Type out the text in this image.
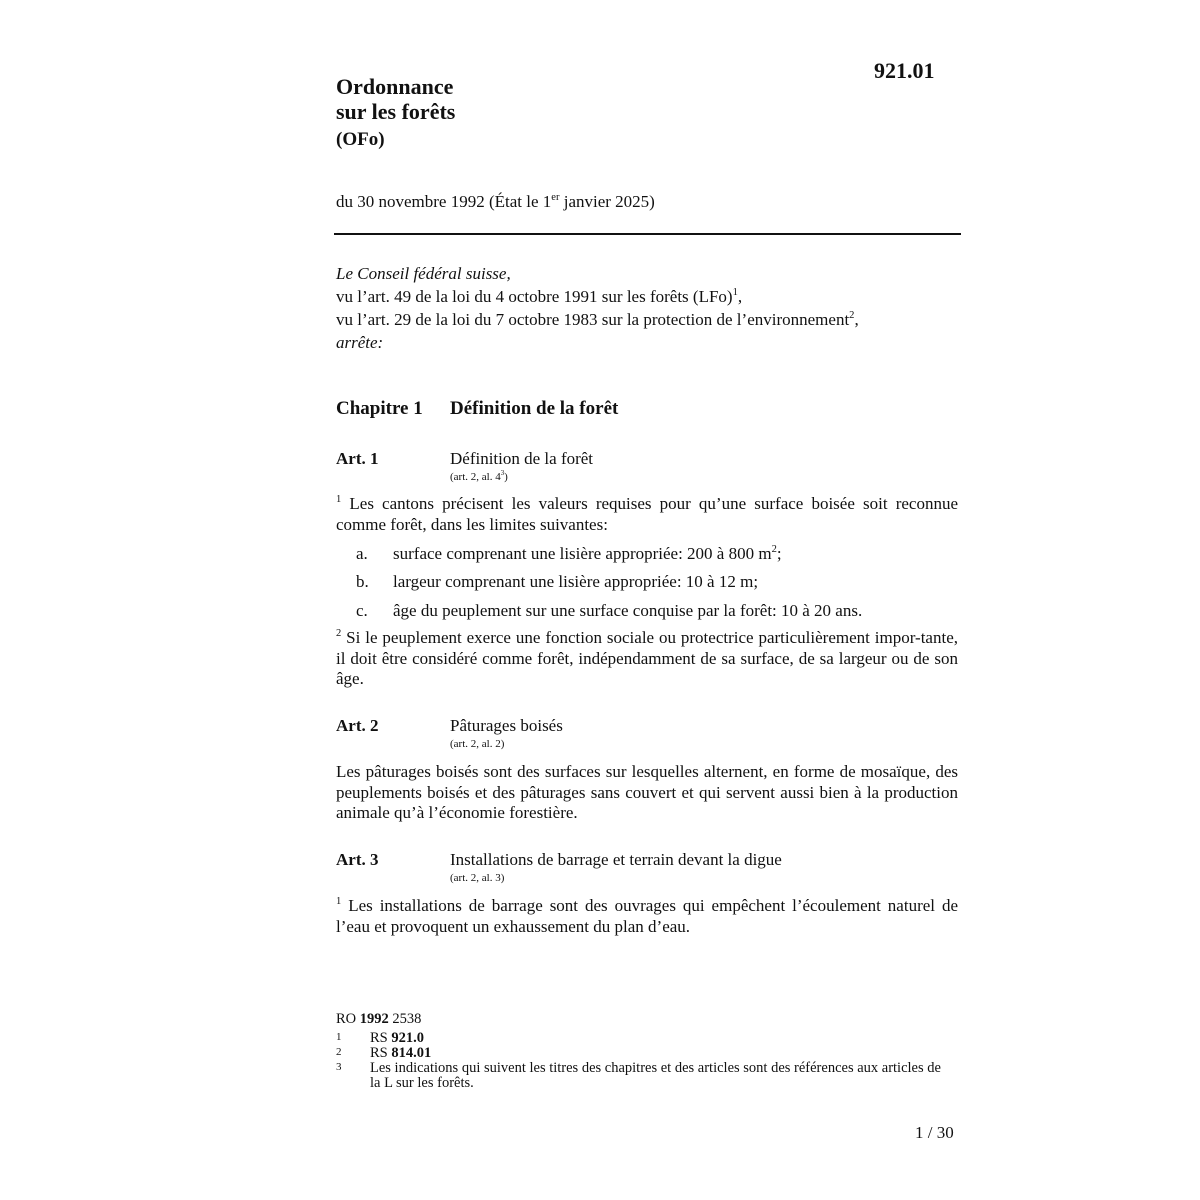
921.01
Ordonnance
sur les forêts
(OFo)
du 30 novembre 1992 (État le 1er janvier 2025)
Le Conseil fédéral suisse,
vu l’art. 49 de la loi du 4 octobre 1991 sur les forêts (LFo)$^1$,
vu l’art. 29 de la loi du 7 octobre 1983 sur la protection de l’environnement$^2$,
arrête:
Chapitre 1 Définition de la forêt
Art. 1	Définition de la forêt
(art. 2, al. $4^3$)
$^1$ Les cantons précisent les valeurs requises pour qu’une surface boisée soit reconnue comme forêt, dans les limites suivantes:
a. surface comprenant une lisière appropriée: 200 à 800 $m^2$;
b. largeur comprenant une lisière appropriée: 10 à 12 m;
c. âge du peuplement sur une surface conquise par la forêt: 10 à 20 ans.
$^2$ Si le peuplement exerce une fonction sociale ou protectrice particulièrement impor-tante, il doit être considéré comme forêt, indépendamment de sa surface, de sa largeur ou de son âge.
Art. 2	Pâturages boisés
(art. 2, al. 2)
Les pâturages boisés sont des surfaces sur lesquelles alternent, en forme de mosaïque, des peuplements boisés et des pâturages sans couvert et qui servent aussi bien à la production animale qu’à l’économie forestière.
Art. 3	Installations de barrage et terrain devant la digue
(art. 2, al. 3)
$^1$ Les installations de barrage sont des ouvrages qui empêchent l’écoulement naturel de l’eau et provoquent un exhaussement du plan d’eau.
RO 1992 2538
1	RS 921.0
2	RS 814.01
3	Les indications qui suivent les titres des chapitres et des articles sont des références aux articles de la L sur les forêts.
1 / 30
